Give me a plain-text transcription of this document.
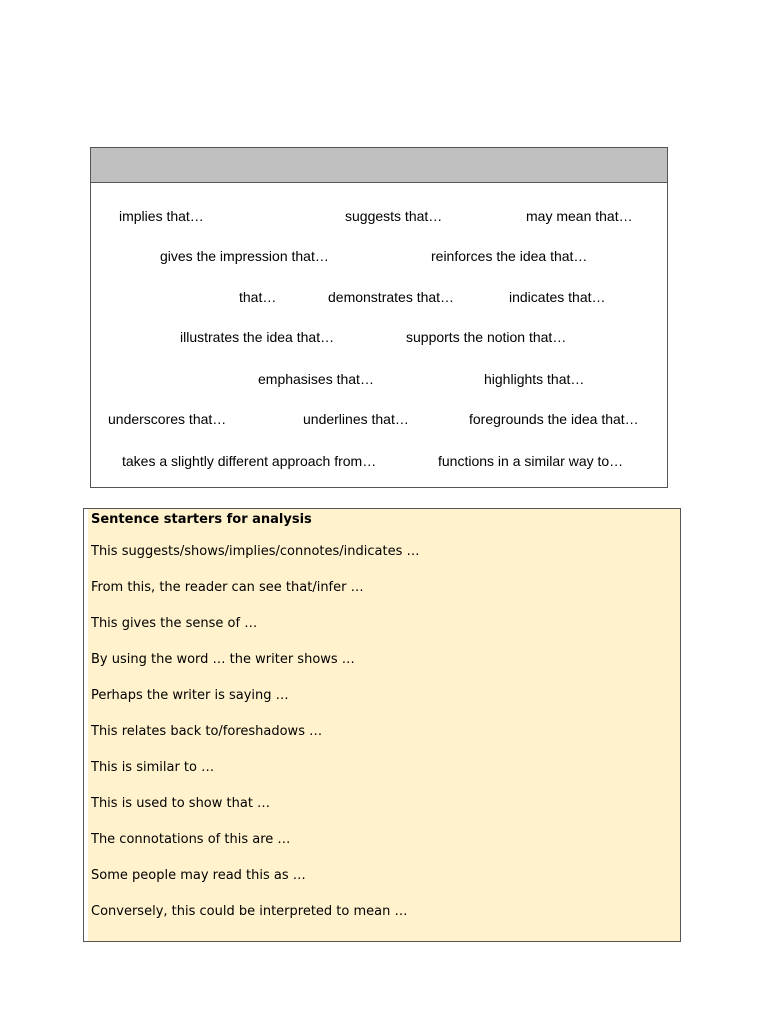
implies that…	suggests that…	may mean that…
gives the impression that…	reinforces the idea that…
that…	demonstrates that…	indicates that…
illustrates the idea that…	supports the notion that…
emphasises that…	highlights that…
underscores that…	underlines that…	foregrounds the idea that…
takes a slightly different approach from…	functions in a similar way to…
Sentence starters for analysis
This suggests/shows/implies/connotes/indicates …
From this, the reader can see that/infer …
This gives the sense of …
By using the word … the writer shows …
Perhaps the writer is saying …
This relates back to/foreshadows …
This is similar to …
This is used to show that …
The connotations of this are …
Some people may read this as …
Conversely, this could be interpreted to mean …
